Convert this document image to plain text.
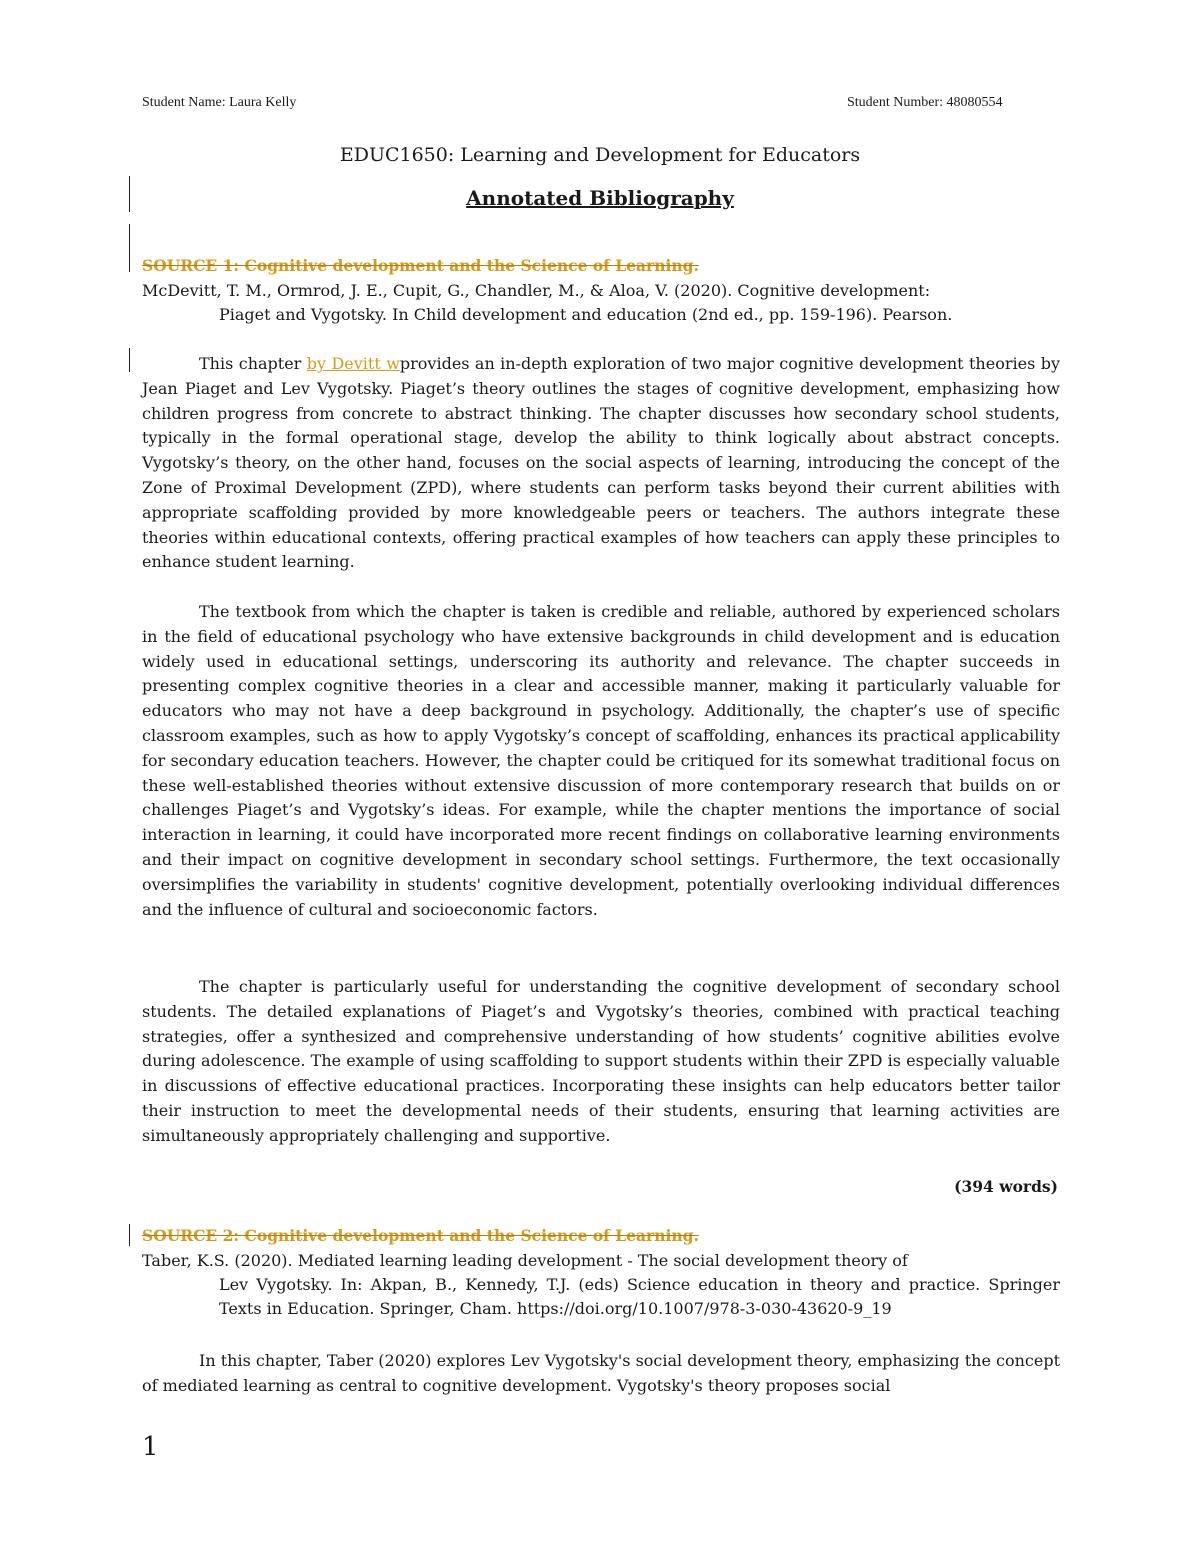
Student Name: Laura Kelly	Student Number: 48080554
EDUC1650: Learning and Development for Educators
Annotated Bibliography
SOURCE 1: Cognitive development and the Science of Learning.
McDevitt, T. M., Ormrod, J. E., Cupit, G., Chandler, M., & Aloa, V. (2020). Cognitive development:
Piaget and Vygotsky. In Child development and education (2nd ed., pp. 159-196). Pearson.

This chapter by Devitt wprovides an in-depth exploration of two major cognitive development theories by Jean Piaget and Lev Vygotsky. Piaget’s theory outlines the stages of cognitive development, emphasizing how children progress from concrete to abstract thinking. The chapter discusses how secondary school students, typically in the formal operational stage, develop the ability to think logically about abstract concepts. Vygotsky’s theory, on the other hand, focuses on the social aspects of learning, introducing the concept of the Zone of Proximal Development (ZPD), where students can perform tasks beyond their current abilities with appropriate scaffolding provided by more knowledgeable peers or teachers. The authors integrate these theories within educational contexts, offering practical examples of how teachers can apply these principles to enhance student learning.

The textbook from which the chapter is taken is credible and reliable, authored by experienced scholars in the field of educational psychology who have extensive backgrounds in child development and is education widely used in educational settings, underscoring its authority and relevance. The chapter succeeds in presenting complex cognitive theories in a clear and accessible manner, making it particularly valuable for educators who may not have a deep background in psychology. Additionally, the chapter’s use of specific classroom examples, such as how to apply Vygotsky’s concept of scaffolding, enhances its practical applicability for secondary education teachers. However, the chapter could be critiqued for its somewhat traditional focus on these well-established theories without extensive discussion of more contemporary research that builds on or challenges Piaget’s and Vygotsky’s ideas. For example, while the chapter mentions the importance of social interaction in learning, it could have incorporated more recent findings on collaborative learning environments and their impact on cognitive development in secondary school settings. Furthermore, the text occasionally oversimplifies the variability in students' cognitive development, potentially overlooking individual differences and the influence of cultural and socioeconomic factors.

The chapter is particularly useful for understanding the cognitive development of secondary school students. The detailed explanations of Piaget’s and Vygotsky’s theories, combined with practical teaching strategies, offer a synthesized and comprehensive understanding of how students’ cognitive abilities evolve during adolescence. The example of using scaffolding to support students within their ZPD is especially valuable in discussions of effective educational practices. Incorporating these insights can help educators better tailor their instruction to meet the developmental needs of their students, ensuring that learning activities are simultaneously appropriately challenging and supportive.

(394 words)
SOURCE 2: Cognitive development and the Science of Learning.
Taber, K.S. (2020). Mediated learning leading development - The social development theory of
Lev Vygotsky. In: Akpan, B., Kennedy, T.J. (eds) Science education in theory and practice. Springer Texts in Education. Springer, Cham. https://doi.org/10.1007/978-3-030-43620-9_19

In this chapter, Taber (2020) explores Lev Vygotsky's social development theory, emphasizing the concept of mediated learning as central to cognitive development. Vygotsky's theory proposes social

1
